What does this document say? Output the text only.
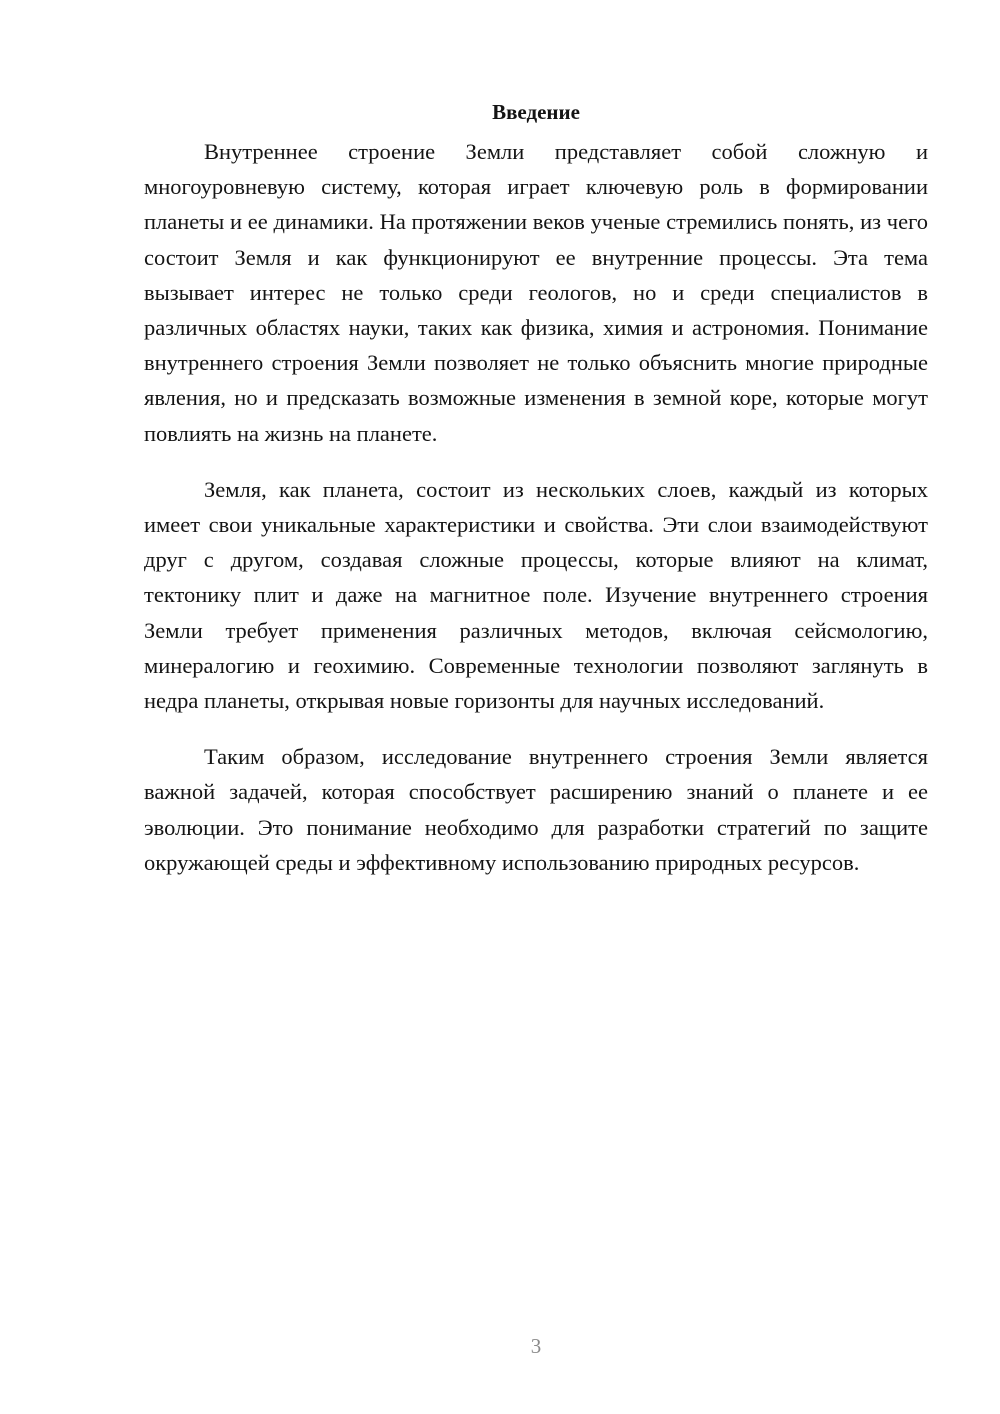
Введение

Внутреннее строение Земли представляет собой сложную и многоуровневую систему, которая играет ключевую роль в формировании планеты и ее динамики. На протяжении веков ученые стремились понять, из чего состоит Земля и как функционируют ее внутренние процессы. Эта тема вызывает интерес не только среди геологов, но и среди специалистов в различных областях науки, таких как физика, химия и астрономия. Понимание внутреннего строения Земли позволяет не только объяснить многие природные явления, но и предсказать возможные изменения в земной коре, которые могут повлиять на жизнь на планете.

Земля, как планета, состоит из нескольких слоев, каждый из которых имеет свои уникальные характеристики и свойства. Эти слои взаимодействуют друг с другом, создавая сложные процессы, которые влияют на климат, тектонику плит и даже на магнитное поле. Изучение внутреннего строения Земли требует применения различных методов, включая сейсмологию, минералогию и геохимию. Современные технологии позволяют заглянуть в недра планеты, открывая новые горизонты для научных исследований.

Таким образом, исследование внутреннего строения Земли является важной задачей, которая способствует расширению знаний о планете и ее эволюции. Это понимание необходимо для разработки стратегий по защите окружающей среды и эффективному использованию природных ресурсов.

3
